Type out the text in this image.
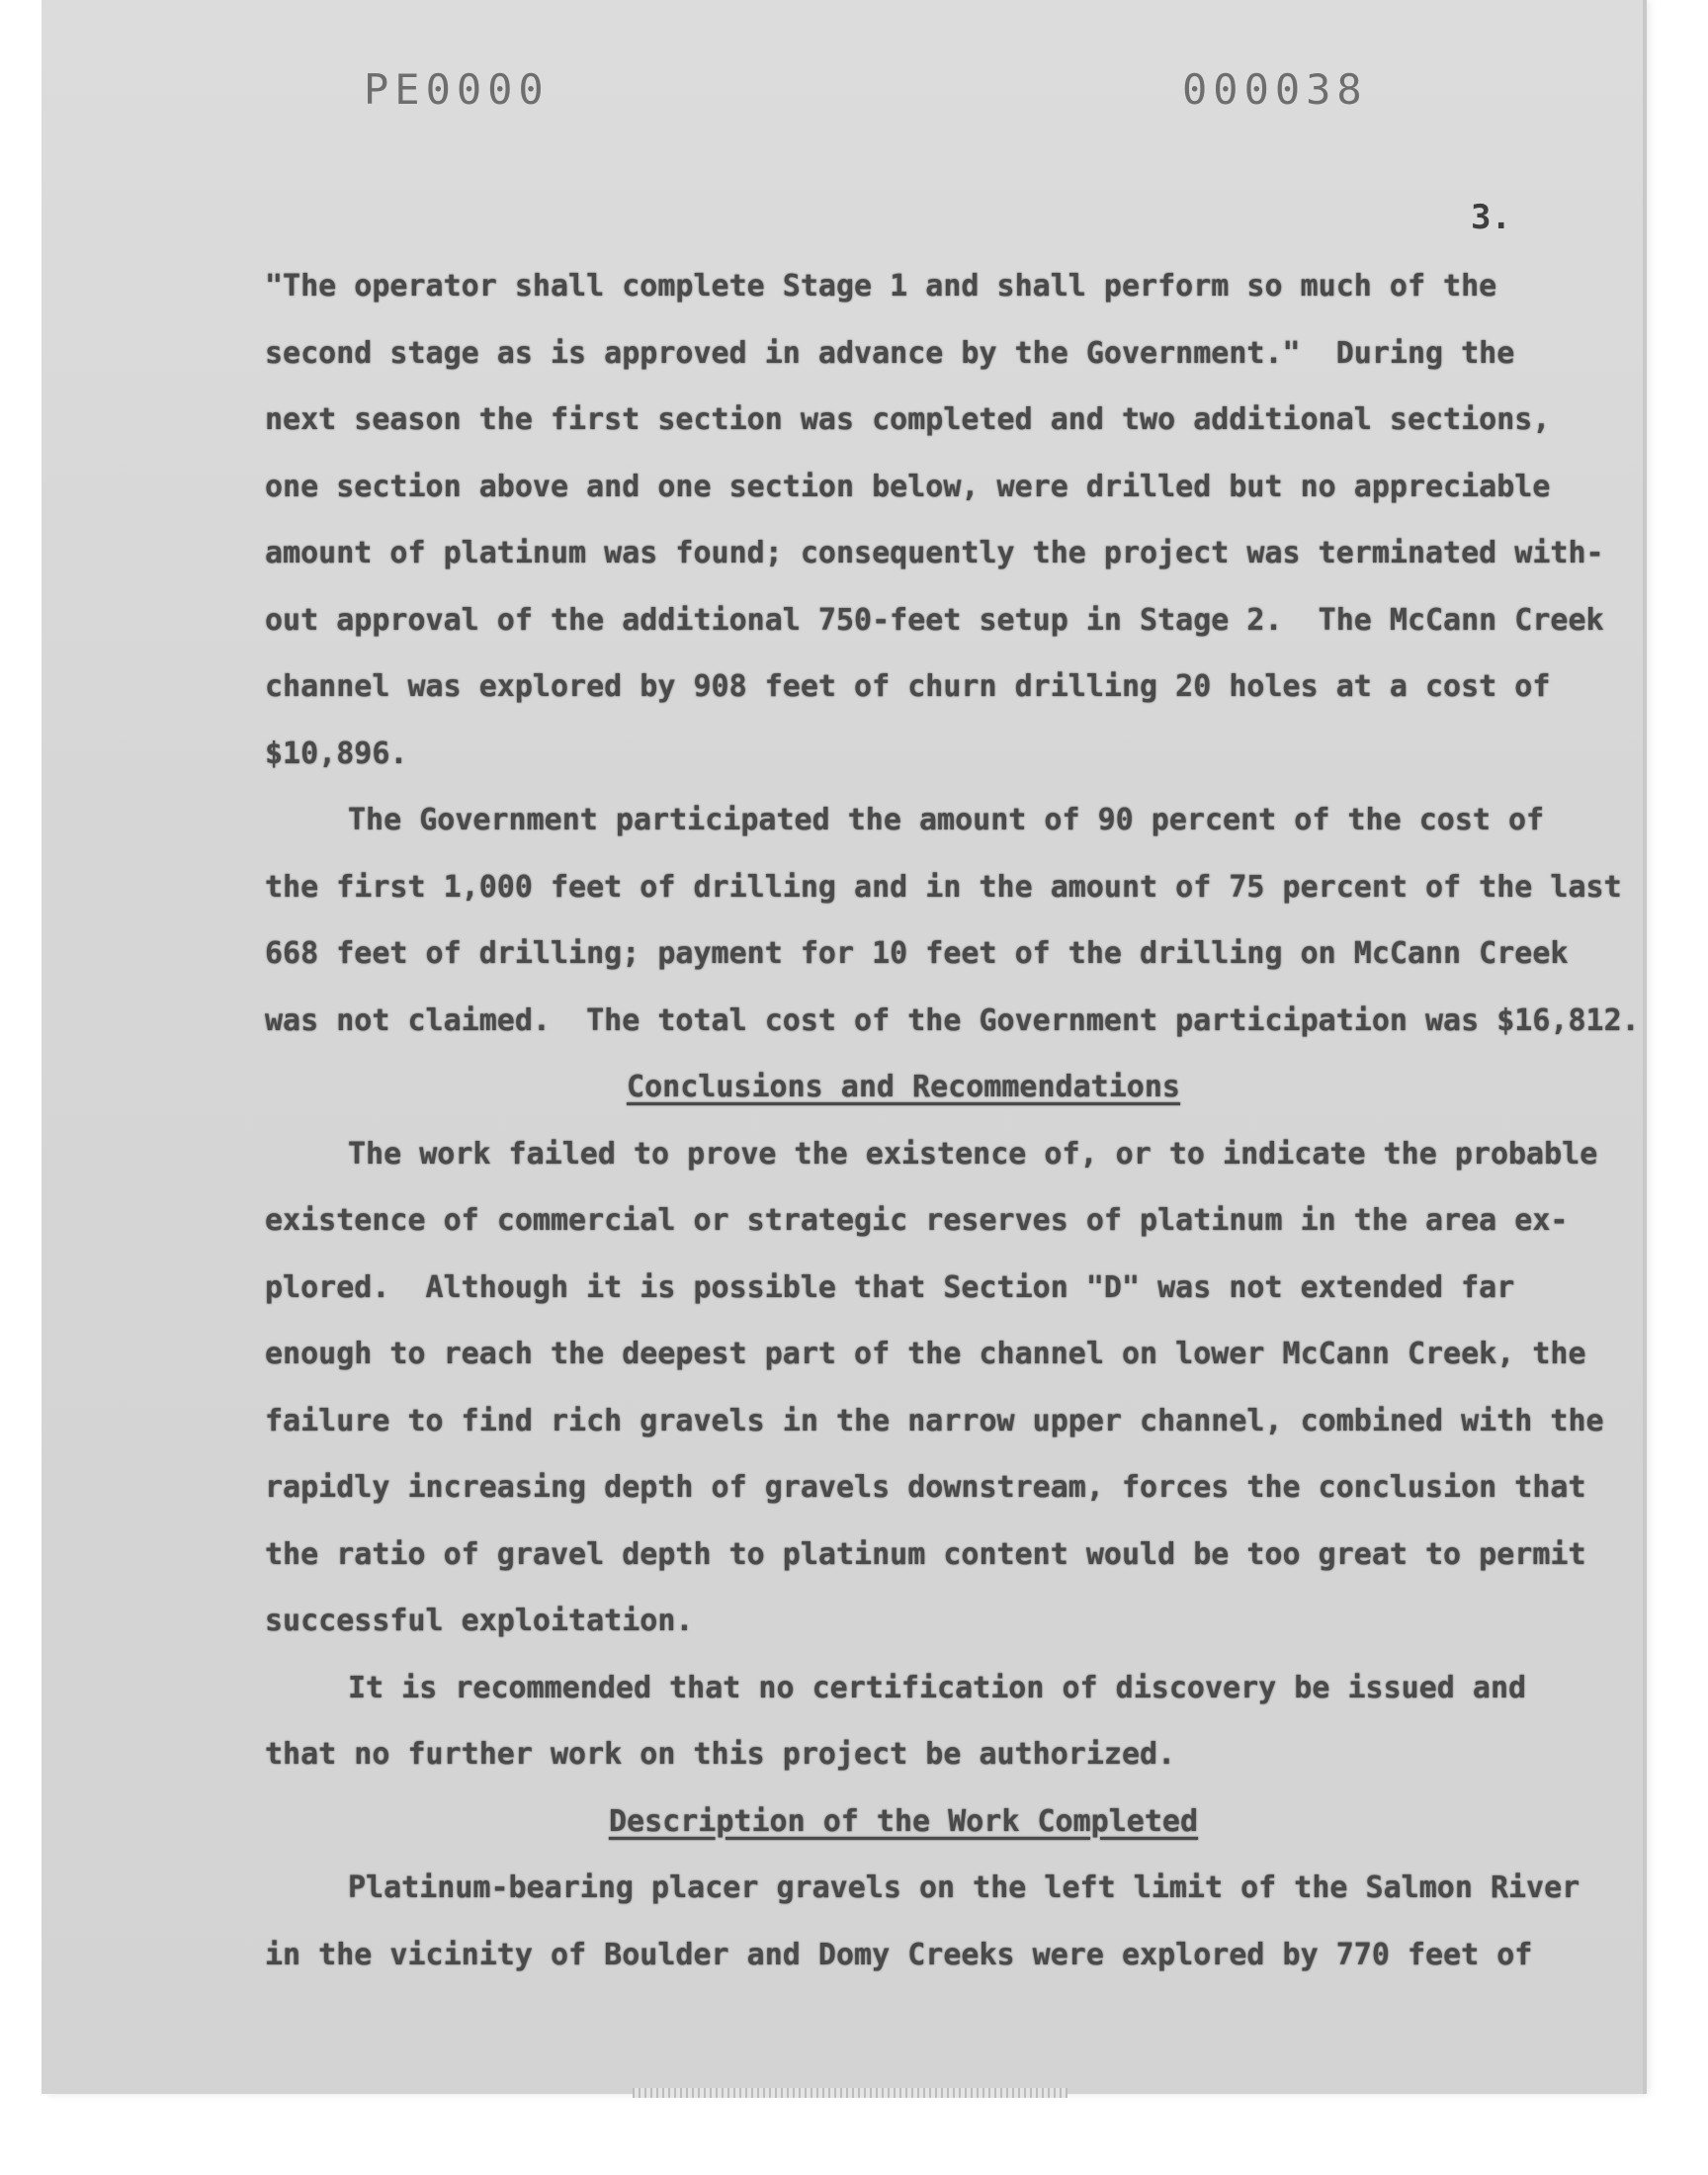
PE0000	000038
3.
"The operator shall complete Stage 1 and shall perform so much of the
second stage as is approved in advance by the Government."  During the
next season the first section was completed and two additional sections,
one section above and one section below, were drilled but no appreciable
amount of platinum was found; consequently the project was terminated with-
out approval of the additional 750-feet setup in Stage 2.  The McCann Creek
channel was explored by 908 feet of churn drilling 20 holes at a cost of
$10,896.
The Government participated the amount of 90 percent of the cost of
the first 1,000 feet of drilling and in the amount of 75 percent of the last
668 feet of drilling; payment for 10 feet of the drilling on McCann Creek
was not claimed.  The total cost of the Government participation was $16,812.
Conclusions and Recommendations
The work failed to prove the existence of, or to indicate the probable
existence of commercial or strategic reserves of platinum in the area ex-
plored.  Although it is possible that Section "D" was not extended far
enough to reach the deepest part of the channel on lower McCann Creek, the
failure to find rich gravels in the narrow upper channel, combined with the
rapidly increasing depth of gravels downstream, forces the conclusion that
the ratio of gravel depth to platinum content would be too great to permit
successful exploitation.
It is recommended that no certification of discovery be issued and
that no further work on this project be authorized.
Description of the Work Completed
Platinum-bearing placer gravels on the left limit of the Salmon River
in the vicinity of Boulder and Domy Creeks were explored by 770 feet of
